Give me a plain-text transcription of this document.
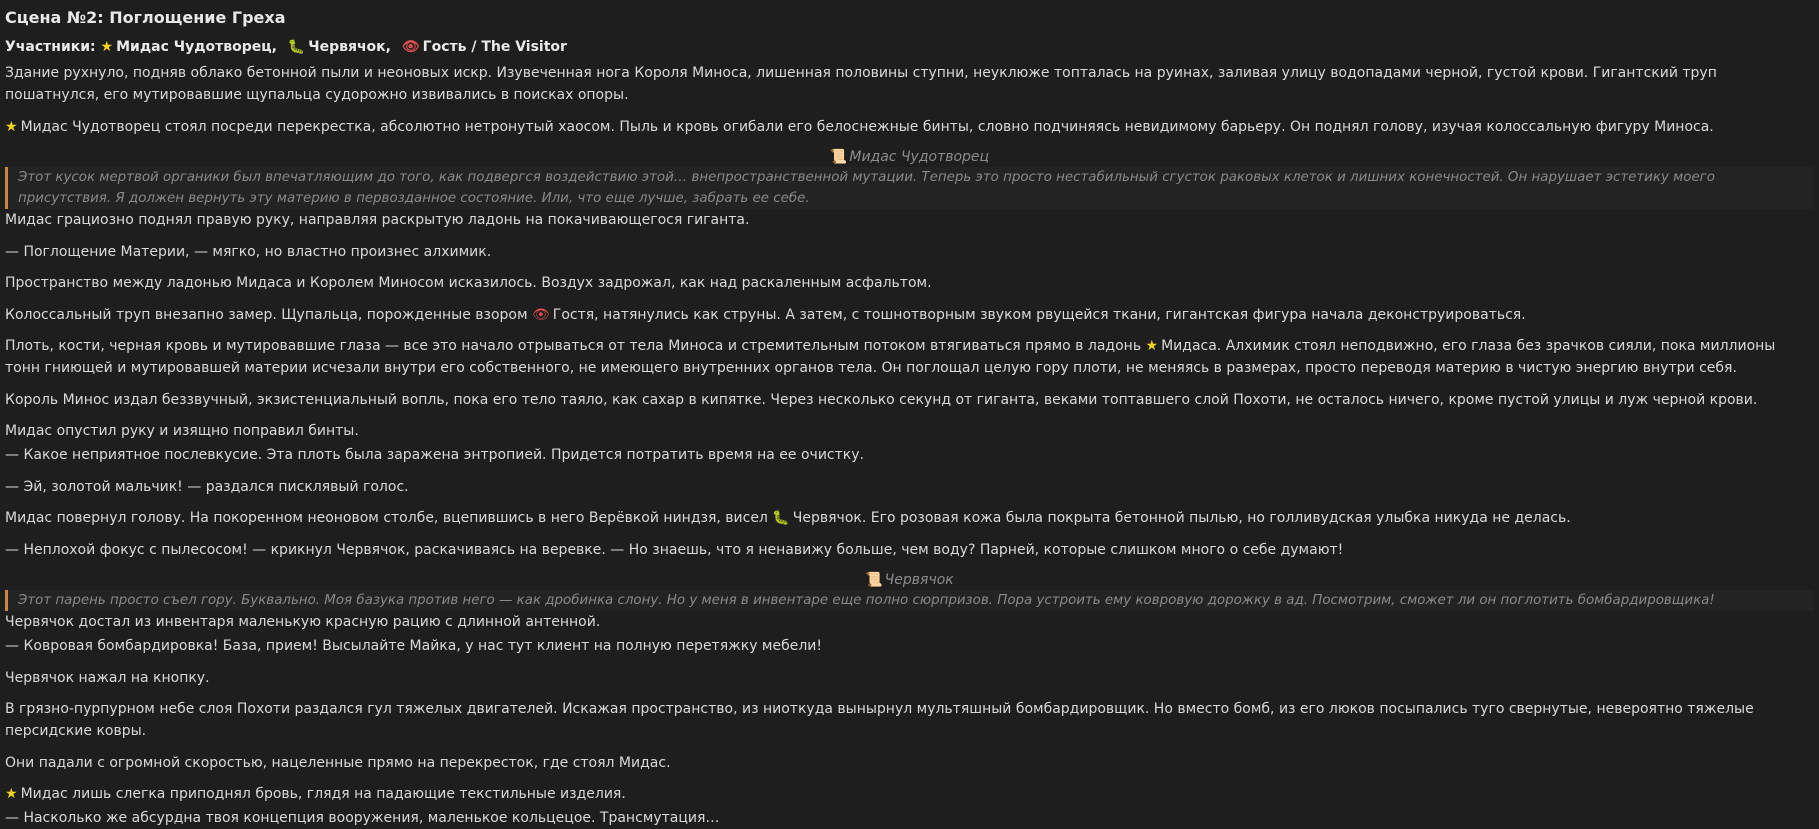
Сцена №2: Поглощение Греха
Участники: ★ Мидас Чудотворец, 🐛 Червячок, 👁 Гость / The Visitor

Здание рухнуло, подняв облако бетонной пыли и неоновых искр. Изувеченная нога Короля Миноса, лишенная половины ступни, неуклюже топталась на руинах, заливая улицу водопадами черной, густой крови. Гигантский труп пошатнулся, его мутировавшие щупальца судорожно извивались в поисках опоры.

★ Мидас Чудотворец стоял посреди перекрестка, абсолютно нетронутый хаосом. Пыль и кровь огибали его белоснежные бинты, словно подчиняясь невидимому барьеру. Он поднял голову, изучая колоссальную фигуру Миноса.

📜 Мидас Чудотворец
Этот кусок мертвой органики был впечатляющим до того, как подвергся воздействию этой… внепространственной мутации. Теперь это просто нестабильный сгусток раковых клеток и лишних конечностей. Он нарушает эстетику моего присутствия. Я должен вернуть эту материю в первозданное состояние. Или, что еще лучше, забрать ее себе.

Мидас грациозно поднял правую руку, направляя раскрытую ладонь на покачивающегося гиганта.

— Поглощение Материи, — мягко, но властно произнес алхимик.

Пространство между ладонью Мидаса и Королем Миносом исказилось. Воздух задрожал, как над раскаленным асфальтом.

Колоссальный труп внезапно замер. Щупальца, порожденные взором 👁 Гостя, натянулись как струны. А затем, с тошнотворным звуком рвущейся ткани, гигантская фигура начала деконструироваться.

Плоть, кости, черная кровь и мутировавшие глаза — все это начало отрываться от тела Миноса и стремительным потоком втягиваться прямо в ладонь ★ Мидаса. Алхимик стоял неподвижно, его глаза без зрачков сияли, пока миллионы тонн гниющей и мутировавшей материи исчезали внутри его собственного, не имеющего внутренних органов тела. Он поглощал целую гору плоти, не меняясь в размерах, просто переводя материю в чистую энергию внутри себя.

Король Минос издал беззвучный, экзистенциальный вопль, пока его тело таяло, как сахар в кипятке. Через несколько секунд от гиганта, веками топтавшего слой Похоти, не осталось ничего, кроме пустой улицы и луж черной крови.

Мидас опустил руку и изящно поправил бинты.

— Какое неприятное послевкусие. Эта плоть была заражена энтропией. Придется потратить время на ее очистку.

— Эй, золотой мальчик! — раздался писклявый голос.

Мидас повернул голову. На покоренном неоновом столбе, вцепившись в него Верёвкой ниндзя, висел 🐛 Червячок. Его розовая кожа была покрыта бетонной пылью, но голливудская улыбка никуда не делась.

— Неплохой фокус с пылесосом! — крикнул Червячок, раскачиваясь на веревке. — Но знаешь, что я ненавижу больше, чем воду? Парней, которые слишком много о себе думают!

📜 Червячок
Этот парень просто съел гору. Буквально. Моя базука против него — как дробинка слону. Но у меня в инвентаре еще полно сюрпризов. Пора устроить ему ковровую дорожку в ад. Посмотрим, сможет ли он поглотить бомбардировщика!

Червячок достал из инвентаря маленькую красную рацию с длинной антенной.

— Ковровая бомбардировка! База, прием! Высылайте Майка, у нас тут клиент на полную перетяжку мебели!

Червячок нажал на кнопку.

В грязно-пурпурном небе слоя Похоти раздался гул тяжелых двигателей. Искажая пространство, из ниоткуда вынырнул мультяшный бомбардировщик. Но вместо бомб, из его люков посыпались туго свернутые, невероятно тяжелые персидские ковры.

Они падали с огромной скоростью, нацеленные прямо на перекресток, где стоял Мидас.

★ Мидас лишь слегка приподнял бровь, глядя на падающие текстильные изделия.

— Насколько же абсурдна твоя концепция вооружения, маленькое кольцецое. Трансмутация…
